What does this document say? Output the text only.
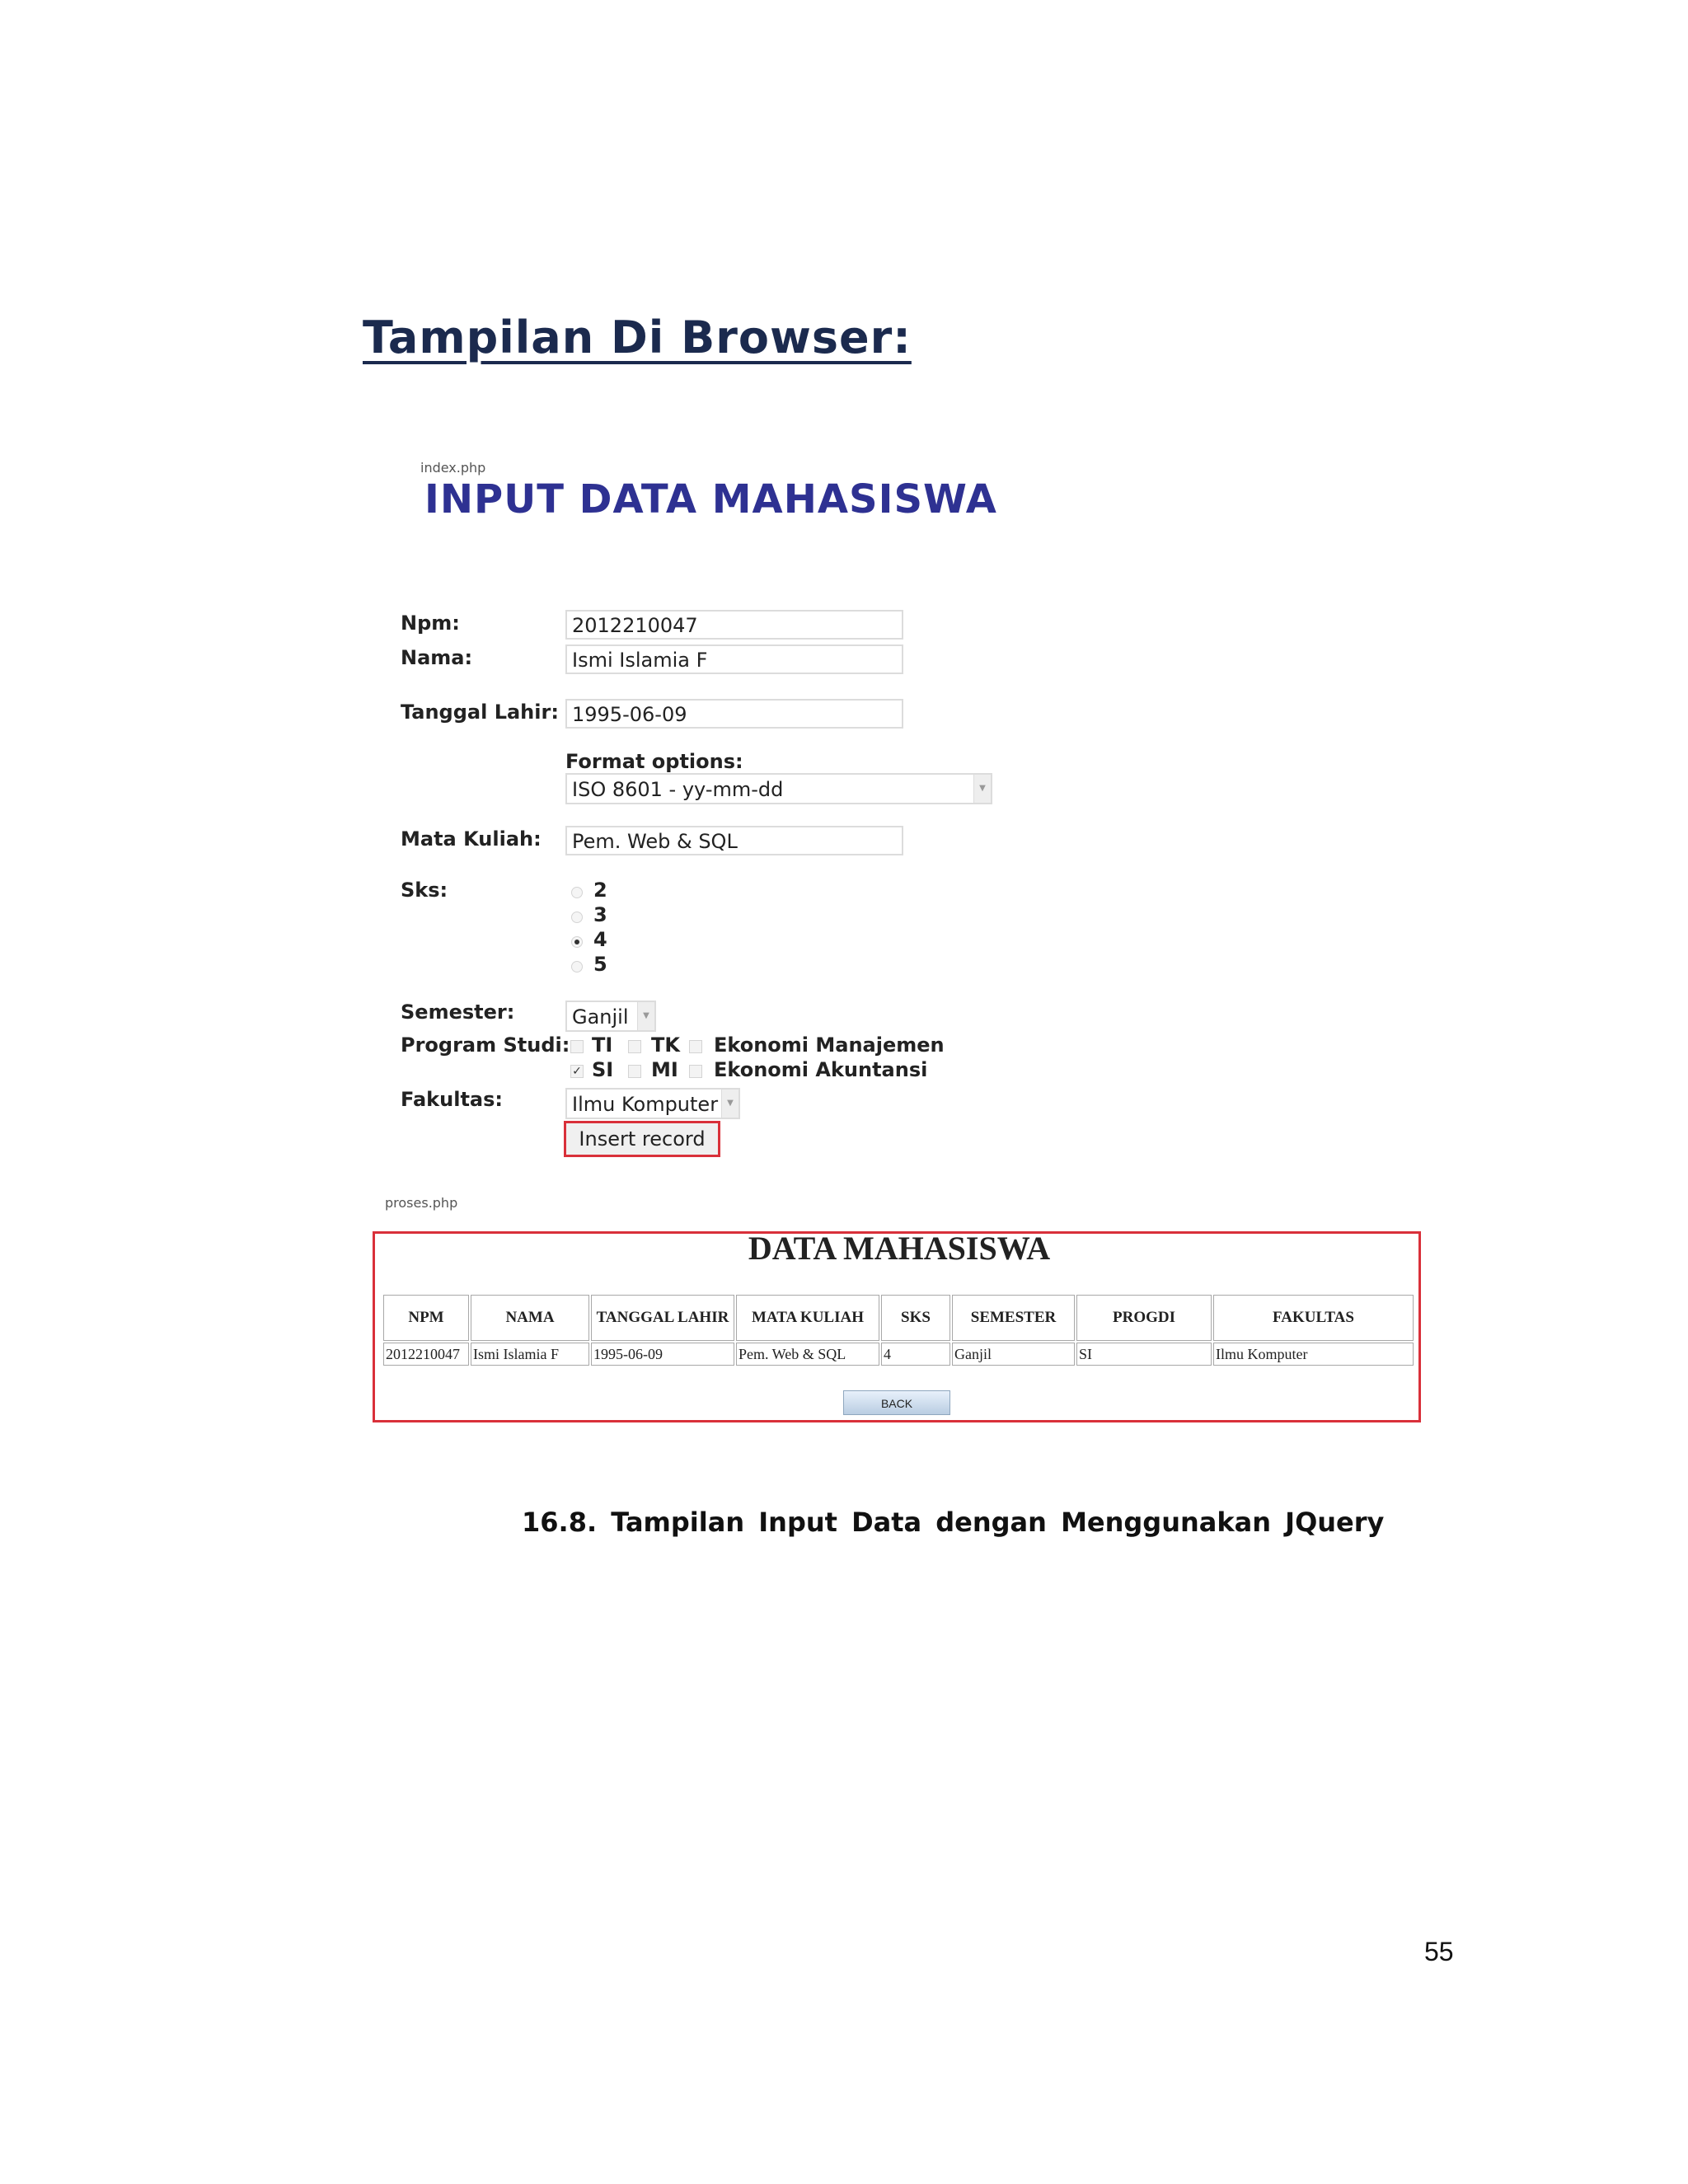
Tampilan Di Browser:
index.php
INPUT DATA MAHASISWA
Npm:	2012210047
Nama:	Ismi Islamia F
Tanggal Lahir: 1995-06-09
Format options:
ISO 8601 - yy-mm-dd	▼
Mata Kuliah:	Pem. Web & SQL
Sks:	2
3
4
5
Semester:	Ganjil	▼
Program Studi: TI TK Ekonomi Manajemen
✓ SI MI Ekonomi Akuntansi
Fakultas:	Ilmu Komputer	▼
Insert record
proses.php
DATA MAHASISWA
NPM	NAMA	TANGGAL LAHIR	MATA KULIAH	SKS	SEMESTER	PROGDI	FAKULTAS
2012210047	Ismi Islamia F	1995-06-09	Pem. Web & SQL	4	Ganjil	SI	Ilmu Komputer
BACK
16.8. Tampilan Input Data dengan Menggunakan JQuery
55
